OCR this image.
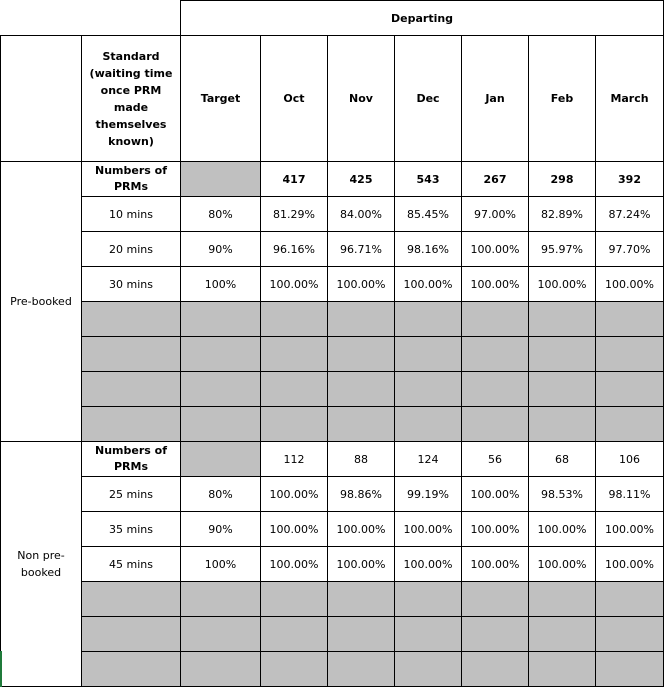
		Departing						
	Standard (waiting time once PRM made themselves known)	Target	Oct	Nov	Dec	Jan	Feb	March
Pre-booked	Numbers of PRMs		417	425	543	267	298	392
	10 mins	80%	81.29%	84.00%	85.45%	97.00%	82.89%	87.24%
	20 mins	90%	96.16%	96.71%	98.16%	100.00%	95.97%	97.70%
	30 mins	100%	100.00%	100.00%	100.00%	100.00%	100.00%	100.00%

Non pre-booked	Numbers of PRMs		112	88	124	56	68	106
	25 mins	80%	100.00%	98.86%	99.19%	100.00%	98.53%	98.11%
	35 mins	90%	100.00%	100.00%	100.00%	100.00%	100.00%	100.00%
	45 mins	100%	100.00%	100.00%	100.00%	100.00%	100.00%	100.00%
